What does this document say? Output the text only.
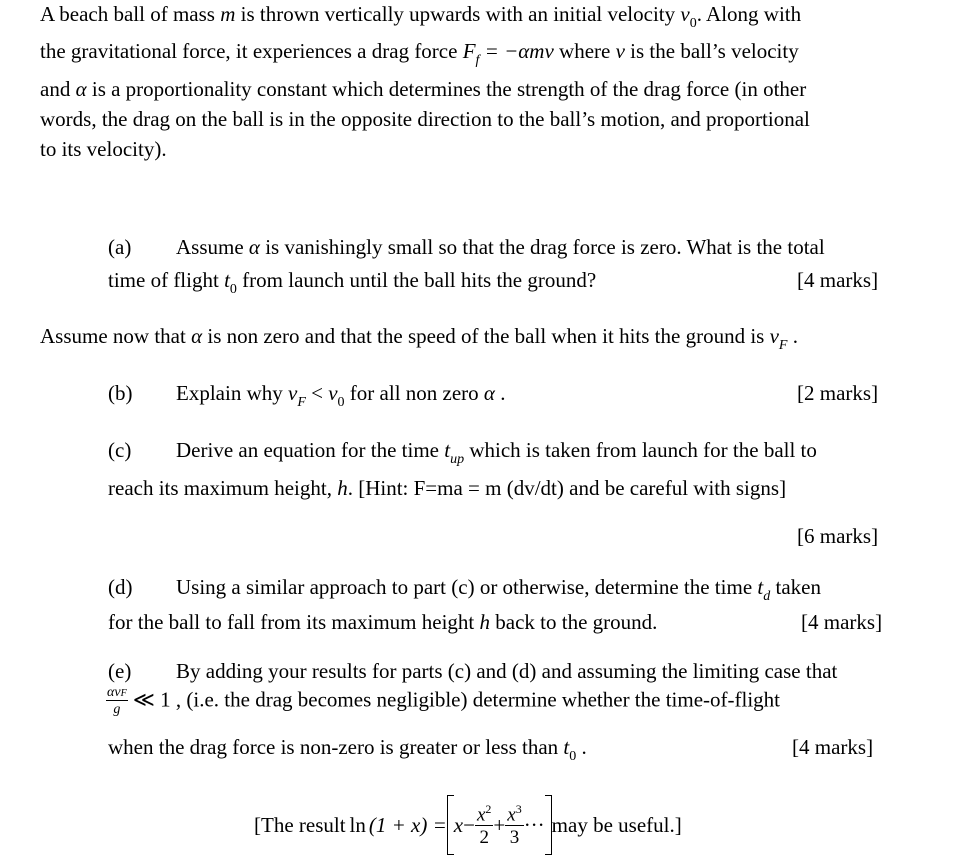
A beach ball of mass m is thrown vertically upwards with an initial velocity $v_0$. Along with
the gravitational force, it experiences a drag force $F_f = -\alpha mv$ where v is the ball’s velocity
and α is a proportionality constant which determines the strength of the drag force (in other
words, the drag on the ball is in the opposite direction to the ball’s motion, and proportional
to its velocity).
(a) Assume α is vanishingly small so that the drag force is zero. What is the total
time of flight $t_0$ from launch until the ball hits the ground?	[4 marks]
Assume now that α is non zero and that the speed of the ball when it hits the ground is $v_F$ .
(b) Explain why $v_F < v_0$ for all non zero α .	[2 marks]
(c) Derive an equation for the time $t_{up}$ which is taken from launch for the ball to
reach its maximum height, h. [Hint: F=ma = m (dv/dt) and be careful with signs]
[6 marks]
(d) Using a similar approach to part (c) or otherwise, determine the time $t_d$ taken
for the ball to fall from its maximum height h back to the ground.	[4 marks]
(e) By adding your results for parts (c) and (d) and assuming the limiting case that
$\frac{\text{αvF}}{g}$ ≪ 1 , (i.e. the drag becomes negligible) determine whether the time-of-flight
when the drag force is non-zero is greater or less than $t_0$ .	[4 marks]
[The result $\ln (1 + x) = x - \frac{x^2}{2} + \frac{x^3}{3}$ ··· may be useful.]
